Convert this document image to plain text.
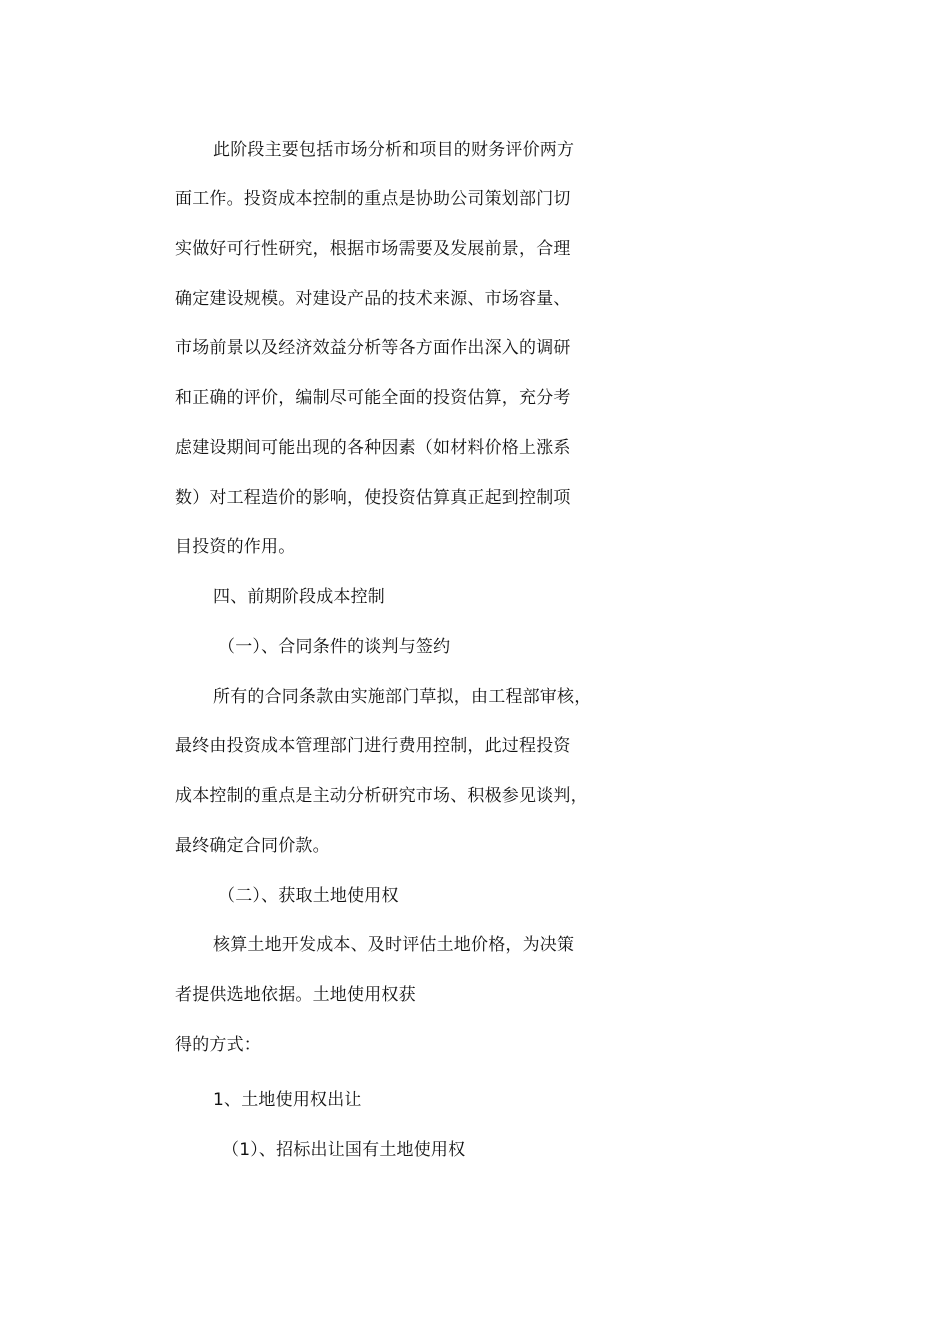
此阶段主要包括市场分析和项目的财务评价两方
面工作。投资成本控制的重点是协助公司策划部门切
实做好可行性研究，根据市场需要及发展前景，合理
确定建设规模。对建设产品的技术来源、市场容量、
市场前景以及经济效益分析等各方面作出深入的调研
和正确的评价，编制尽可能全面的投资估算，充分考
虑建设期间可能出现的各种因素（如材料价格上涨系
数）对工程造价的影响，使投资估算真正起到控制项
目投资的作用。
四、前期阶段成本控制
（一）、合同条件的谈判与签约
所有的合同条款由实施部门草拟，由工程部审核，
最终由投资成本管理部门进行费用控制，此过程投资
成本控制的重点是主动分析研究市场、积极参见谈判，
最终确定合同价款。
（二）、获取土地使用权
核算土地开发成本、及时评估土地价格，为决策
者提供选地依据。土地使用权获
得的方式：
1、土地使用权出让
（1）、招标出让国有土地使用权
